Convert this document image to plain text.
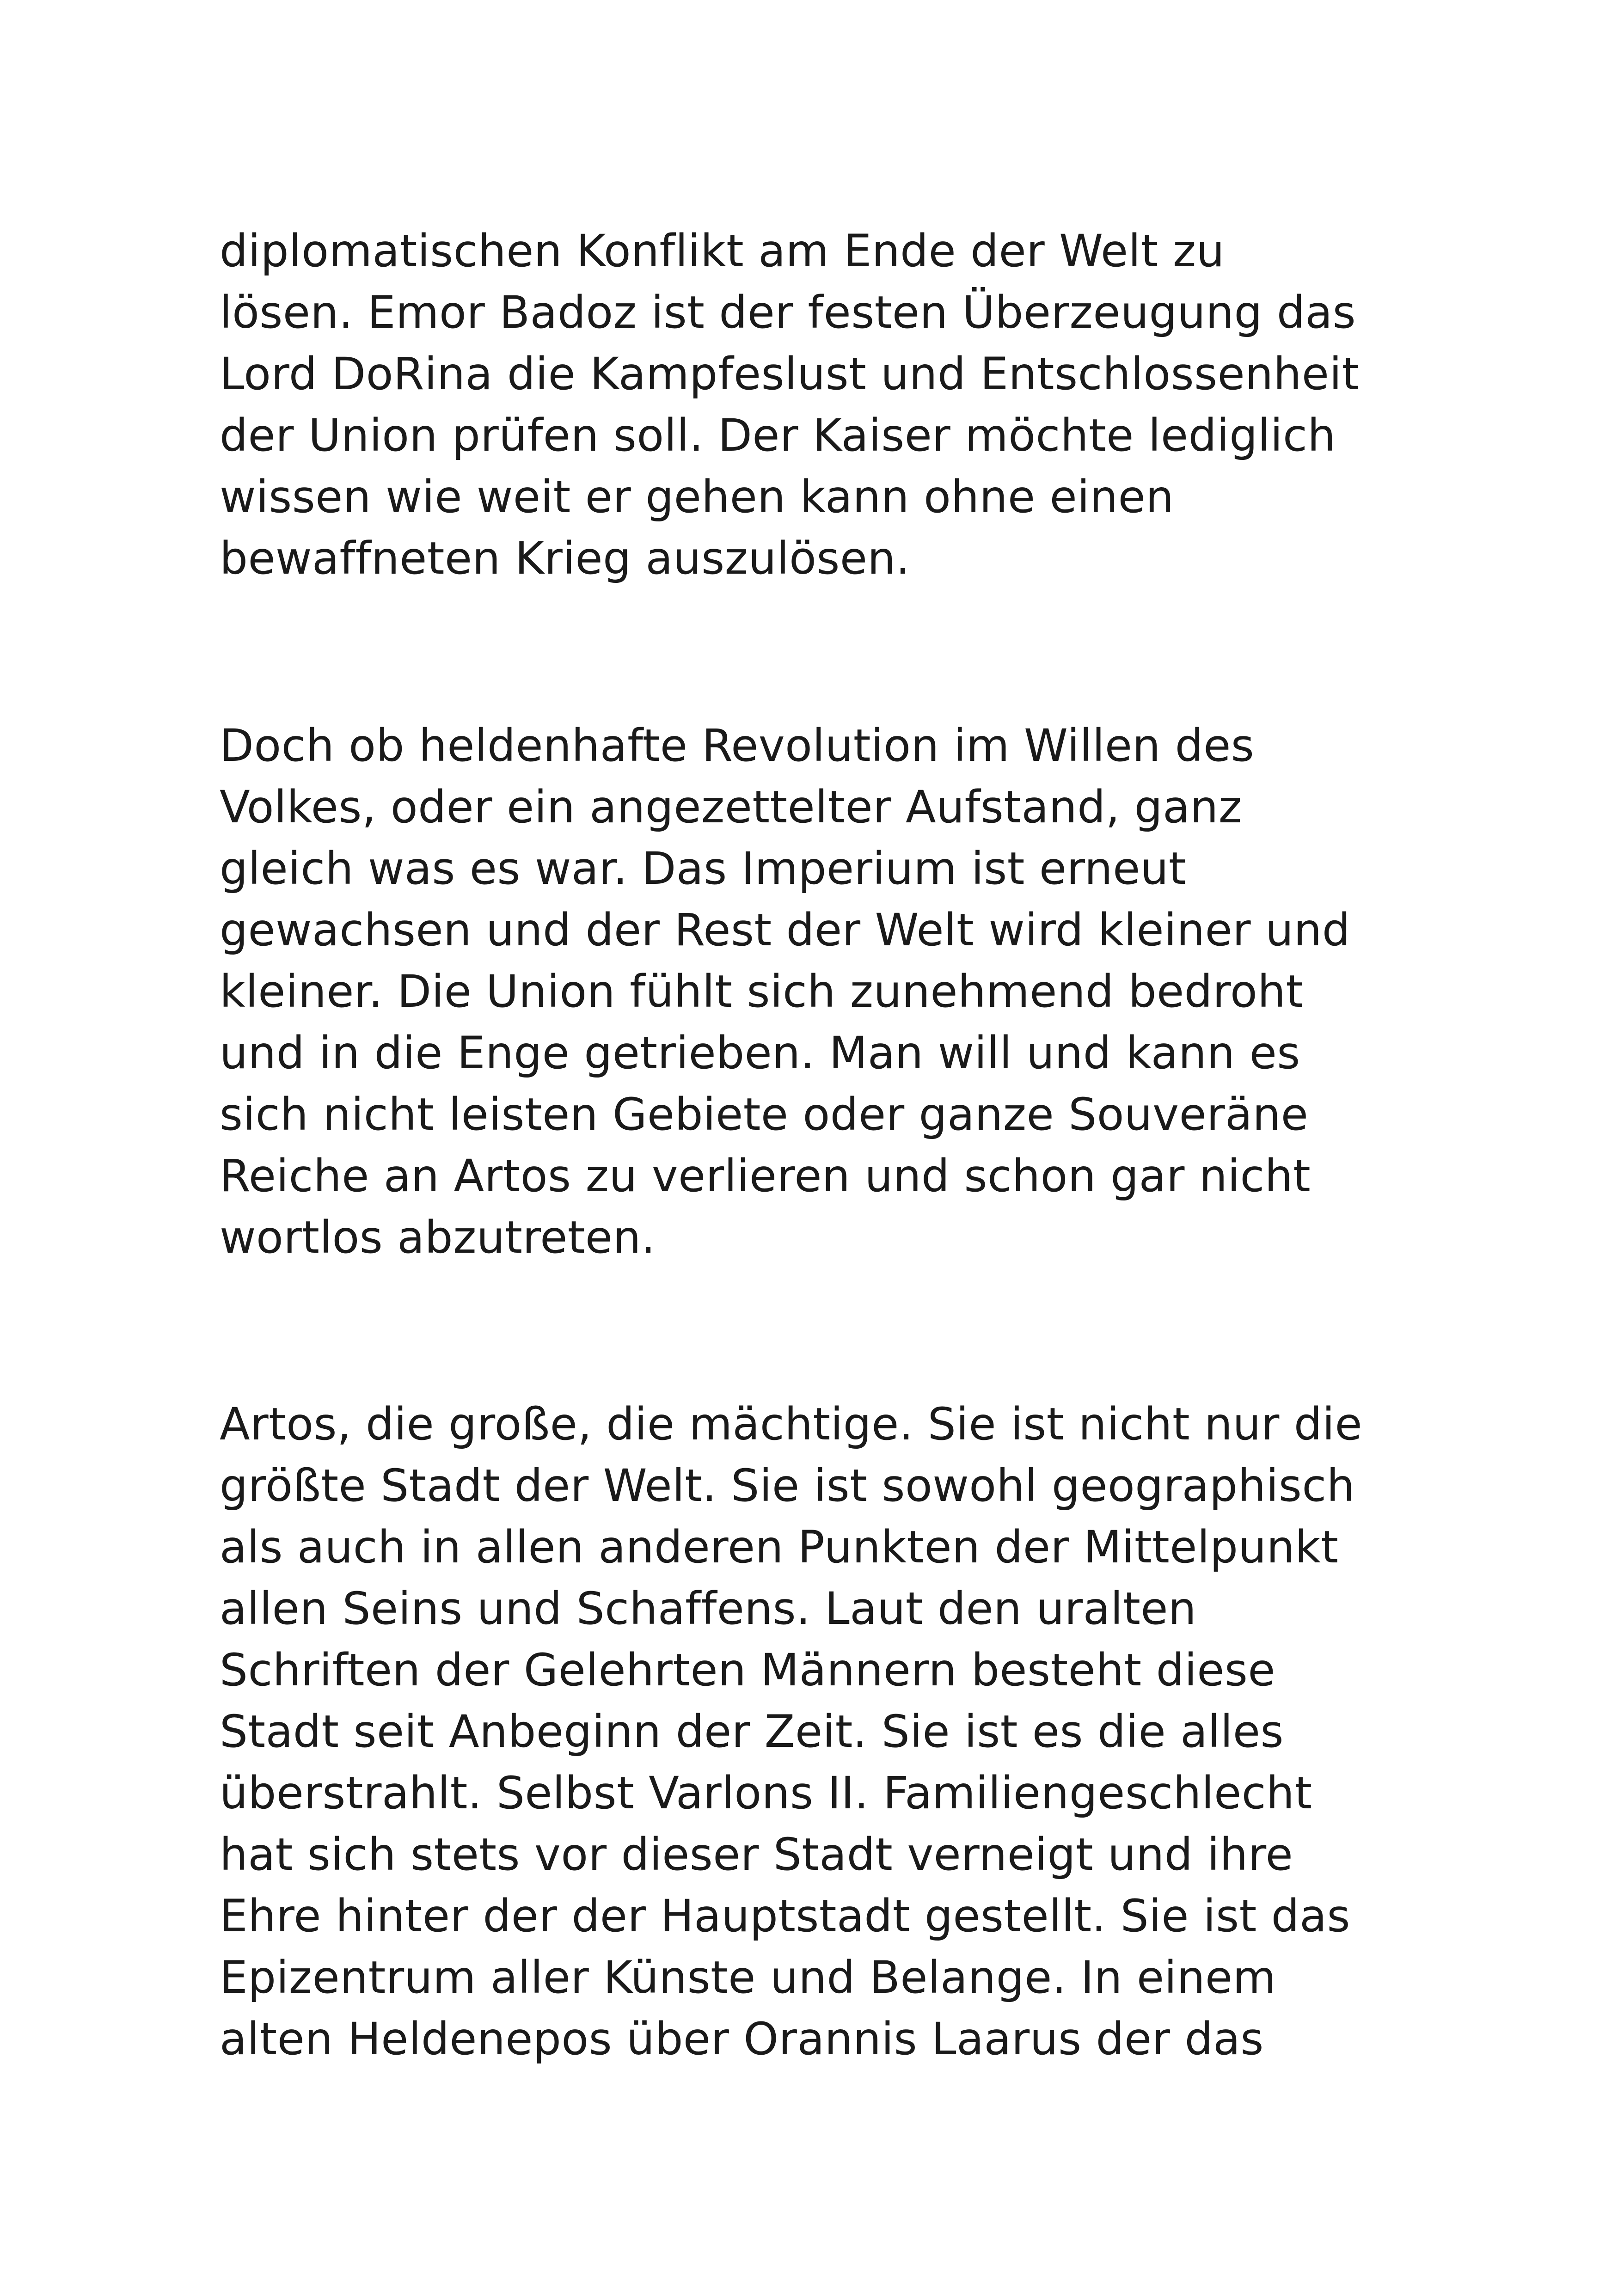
diplomatischen Konflikt am Ende der Welt zu
lösen. Emor Badoz ist der festen Überzeugung das
Lord DoRina die Kampfeslust und Entschlossenheit
der Union prüfen soll. Der Kaiser möchte lediglich
wissen wie weit er gehen kann ohne einen
bewaffneten Krieg auszulösen.
Doch ob heldenhafte Revolution im Willen des
Volkes, oder ein angezettelter Aufstand, ganz
gleich was es war. Das Imperium ist erneut
gewachsen und der Rest der Welt wird kleiner und
kleiner. Die Union fühlt sich zunehmend bedroht
und in die Enge getrieben. Man will und kann es
sich nicht leisten Gebiete oder ganze Souveräne
Reiche an Artos zu verlieren und schon gar nicht
wortlos abzutreten.
Artos, die große, die mächtige. Sie ist nicht nur die
größte Stadt der Welt. Sie ist sowohl geographisch
als auch in allen anderen Punkten der Mittelpunkt
allen Seins und Schaffens. Laut den uralten
Schriften der Gelehrten Männern besteht diese
Stadt seit Anbeginn der Zeit. Sie ist es die alles
überstrahlt. Selbst Varlons II. Familiengeschlecht
hat sich stets vor dieser Stadt verneigt und ihre
Ehre hinter der der Hauptstadt gestellt. Sie ist das
Epizentrum aller Künste und Belange. In einem
alten Heldenepos über Orannis Laarus der das
